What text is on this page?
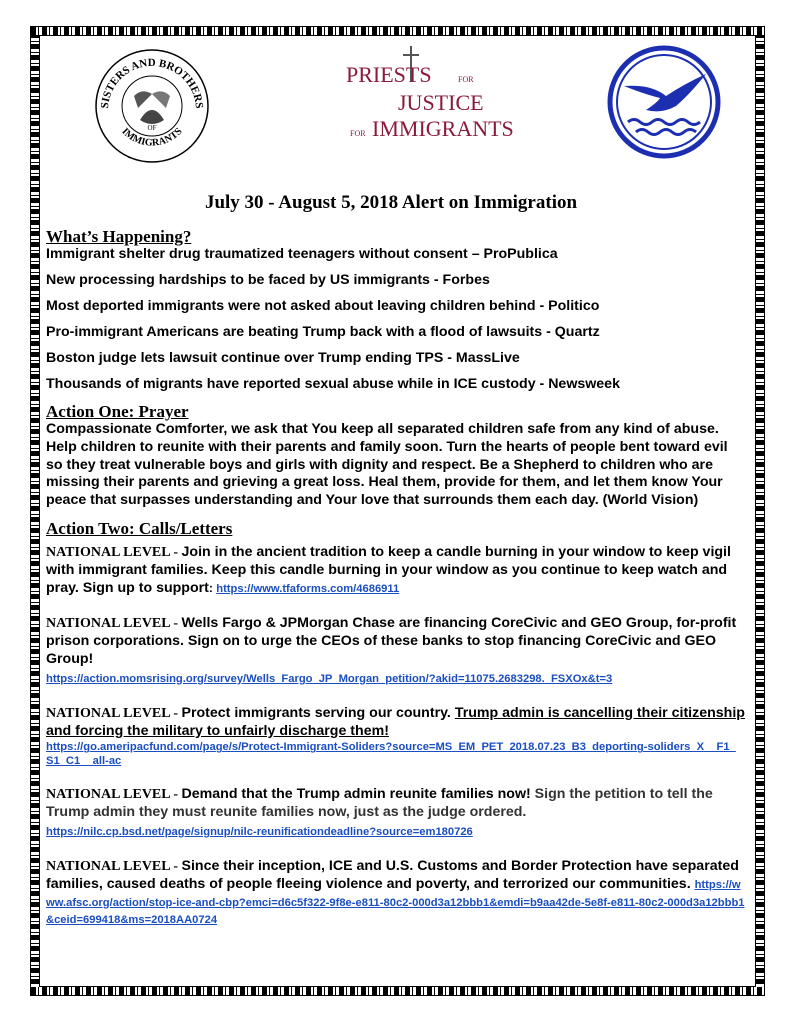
SISTERS AND BROTHERS
OF
IMMIGRANTS
PRIESTS	FOR
JUSTICE
FOR IMMIGRANTS
July 30 - August 5, 2018 Alert on Immigration
What’s Happening?
Immigrant shelter drug traumatized teenagers without consent – ProPublica
New processing hardships to be faced by US immigrants - Forbes
Most deported immigrants were not asked about leaving children behind - Politico
Pro-immigrant Americans are beating Trump back with a flood of lawsuits - Quartz
Boston judge lets lawsuit continue over Trump ending TPS - MassLive
Thousands of migrants have reported sexual abuse while in ICE custody - Newsweek
Action One: Prayer

Compassionate Comforter, we ask that You keep all separated children safe from any kind of abuse. Help children to reunite with their parents and family soon. Turn the hearts of people bent toward evil so they treat vulnerable boys and girls with dignity and respect. Be a Shepherd to children who are missing their parents and grieving a great loss. Heal them, provide for them, and let them know Your peace that surpasses understanding and Your love that surrounds them each day. (World Vision)

Action Two: Calls/Letters

NATIONAL LEVEL - Join in the ancient tradition to keep a candle burning in your window to keep vigil with immigrant families. Keep this candle burning in your window as you continue to keep watch and pray. Sign up to support: https://www.tfaforms.com/4686911

NATIONAL LEVEL - Wells Fargo & JPMorgan Chase are financing CoreCivic and GEO Group, for-profit prison corporations. Sign on to urge the CEOs of these banks to stop financing CoreCivic and GEO Group!

https://action.momsrising.org/survey/Wells_Fargo_JP_Morgan_petition/?akid=11075.2683298._FSXOx&t=3

NATIONAL LEVEL - Protect immigrants serving our country. Trump admin is cancelling their citizenship and forcing the military to unfairly discharge them!

https://go.ameripacfund.com/page/s/Protect-Immigrant-Soliders?source=MS_EM_PET_2018.07.23_B3_deporting-soliders_X__F1_S1_C1__all-ac

NATIONAL LEVEL - Demand that the Trump admin reunite families now! Sign the petition to tell the Trump admin they must reunite families now, just as the judge ordered.

https://nilc.cp.bsd.net/page/signup/nilc-reunificationdeadline?source=em180726

NATIONAL LEVEL - Since their inception, ICE and U.S. Customs and Border Protection have separated families, caused deaths of people fleeing violence and poverty, and terrorized our communities. https://www.afsc.org/action/stop-ice-and-cbp?emci=d6c5f322-9f8e-e811-80c2-000d3a12bbb1&emdi=b9aa42de-5e8f-e811-80c2-000d3a12bbb1&ceid=699418&ms=2018AA0724
